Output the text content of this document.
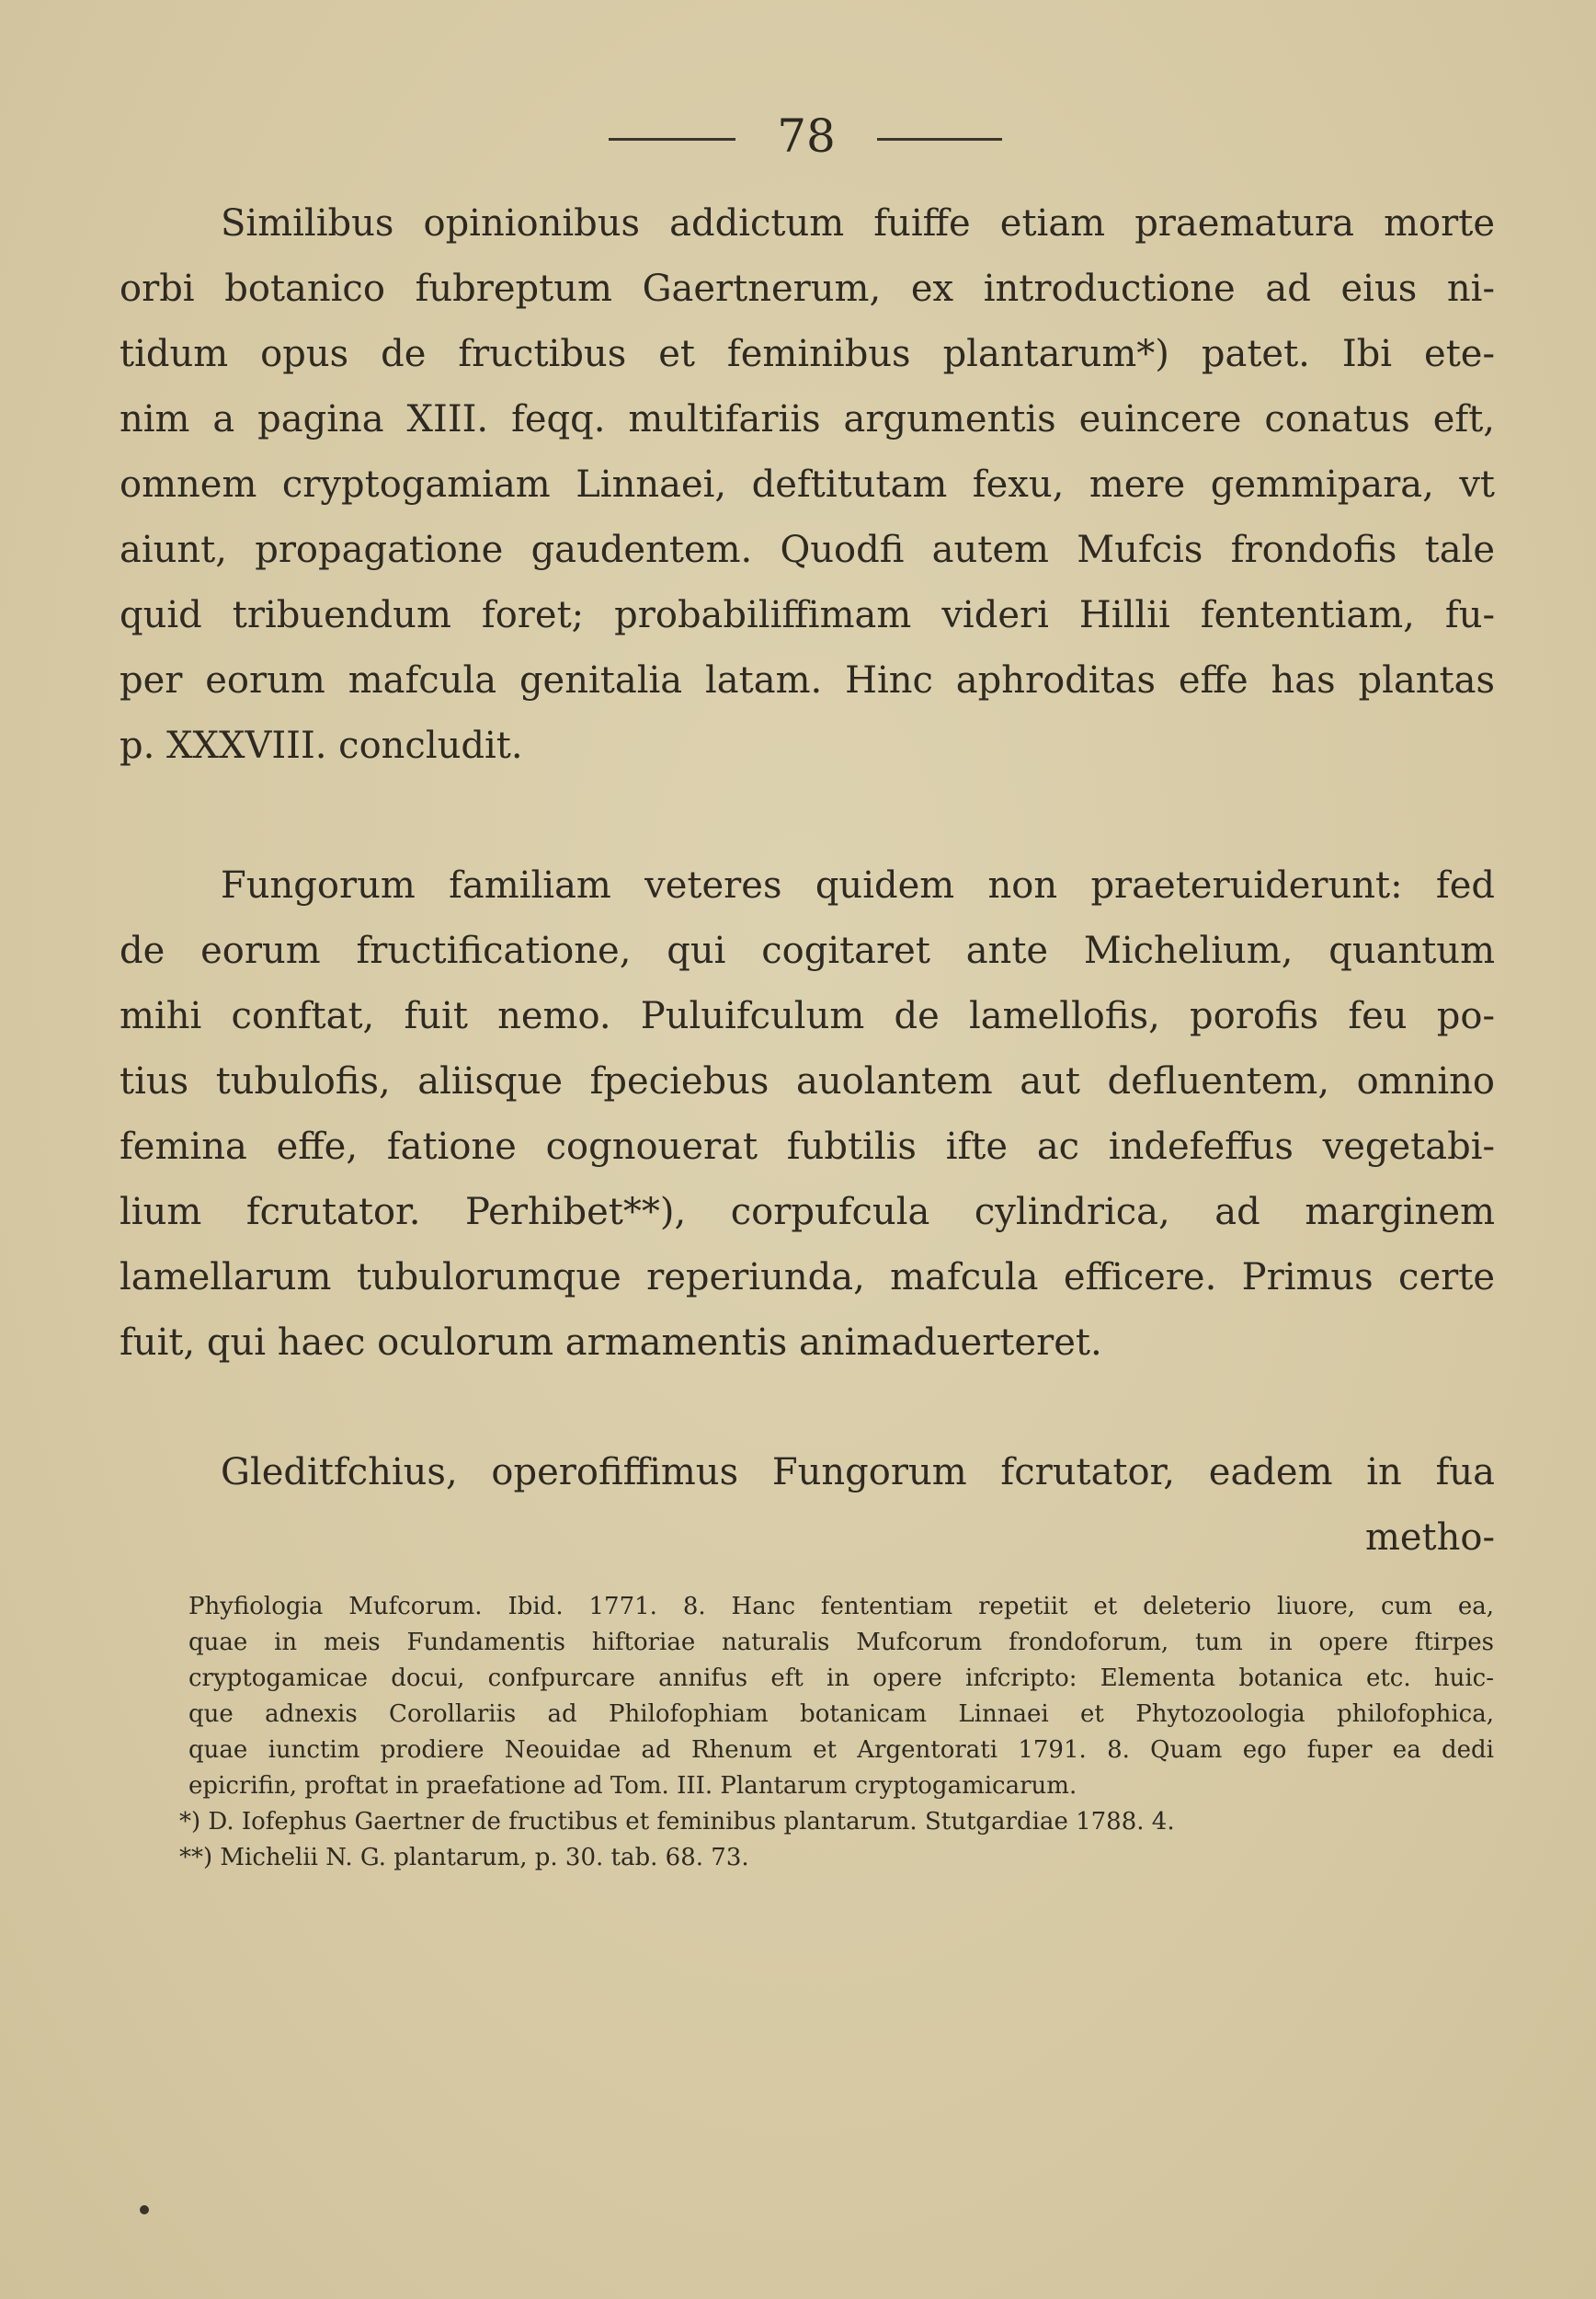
78
Similibus opinionibus addictum fuiffe etiam praematura morte
orbi botanico fubreptum Gaertnerum, ex introductione ad eius ni-
tidum opus de fructibus et feminibus plantarum*) patet. Ibi ete-
nim a pagina XIII. feqq. multifariis argumentis euincere conatus eft,
omnem cryptogamiam Linnaei, deftitutam fexu, mere gemmipara, vt
aiunt, propagatione gaudentem. Quodfi autem Mufcis frondofis tale
quid tribuendum foret; probabiliffimam videri Hillii fententiam, fu-
per eorum mafcula genitalia latam. Hinc aphroditas effe has plantas
p. XXXVIII. concludit.
Fungorum familiam veteres quidem non praeteruiderunt: fed
de eorum fructificatione, qui cogitaret ante Michelium, quantum
mihi conftat, fuit nemo. Puluifculum de lamellofis, porofis feu po-
tius tubulofis, aliisque fpeciebus auolantem aut defluentem, omnino
femina effe, fatione cognouerat fubtilis ifte ac indefeffus vegetabi-
lium fcrutator. Perhibet**), corpufcula cylindrica, ad marginem
lamellarum tubulorumque reperiunda, mafcula efficere. Primus certe
fuit, qui haec oculorum armamentis animaduerteret.
Gleditfchius, operofiffimus Fungorum fcrutator, eadem in fua
metho-
Phyfiologia Mufcorum. Ibid. 1771. 8. Hanc fententiam repetiit et deleterio liuore, cum ea,
quae in meis Fundamentis hiftoriae naturalis Mufcorum frondoforum, tum in opere ftirpes
cryptogamicae docui, confpurcare annifus eft in opere infcripto: Elementa botanica etc. huic-
que adnexis Corollariis ad Philofophiam botanicam Linnaei et Phytozoologia philofophica,
quae iunctim prodiere Neouidae ad Rhenum et Argentorati 1791. 8. Quam ego fuper ea dedi
epicrifin, proftat in praefatione ad Tom. III. Plantarum cryptogamicarum.
*) D. Iofephus Gaertner de fructibus et feminibus plantarum. Stutgardiae 1788. 4.
**) Michelii N. G. plantarum, p. 30. tab. 68. 73.
